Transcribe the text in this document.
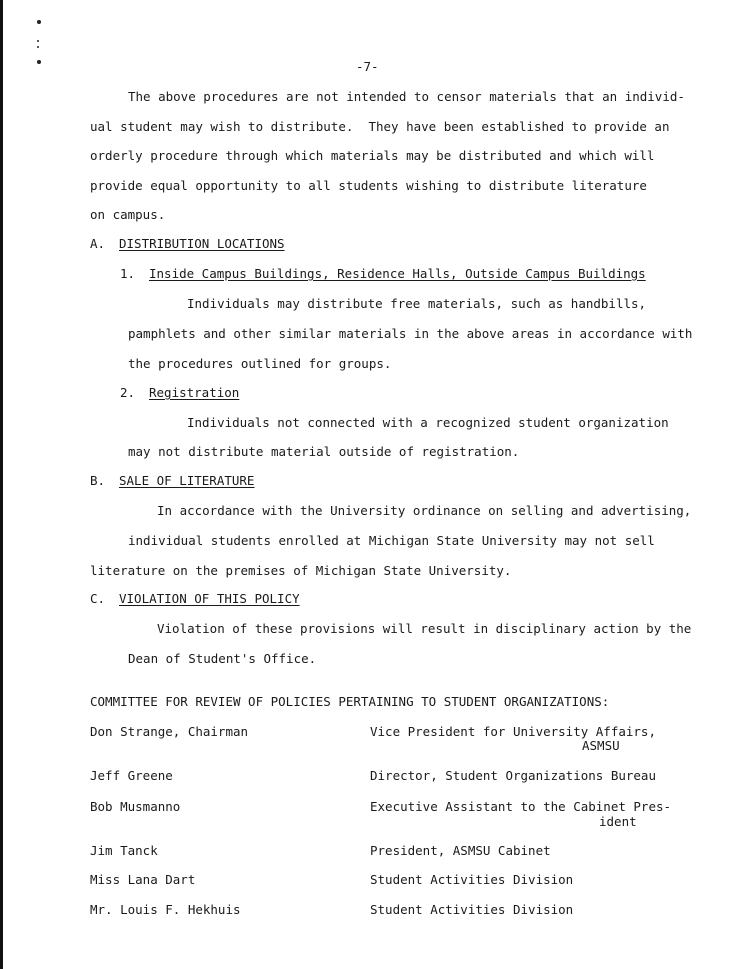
-7-
The above procedures are not intended to censor materials that an individ-
ual student may wish to distribute.  They have been established to provide an
orderly procedure through which materials may be distributed and which will
provide equal opportunity to all students wishing to distribute literature
on campus.
A. DISTRIBUTION LOCATIONS
1. Inside Campus Buildings, Residence Halls, Outside Campus Buildings
Individuals may distribute free materials, such as handbills,
pamphlets and other similar materials in the above areas in accordance with
the procedures outlined for groups.
2. Registration
Individuals not connected with a recognized student organization
may not distribute material outside of registration.
B. SALE OF LITERATURE
In accordance with the University ordinance on selling and advertising,
individual students enrolled at Michigan State University may not sell
literature on the premises of Michigan State University.
C. VIOLATION OF THIS POLICY
Violation of these provisions will result in disciplinary action by the
Dean of Student's Office.
COMMITTEE FOR REVIEW OF POLICIES PERTAINING TO STUDENT ORGANIZATIONS:
Don Strange, Chairman	Vice President for University Affairs,
ASMSU
Jeff Greene	Director, Student Organizations Bureau
Bob Musmanno	Executive Assistant to the Cabinet Pres-
ident
Jim Tanck	President, ASMSU Cabinet
Miss Lana Dart	Student Activities Division
Mr. Louis F. Hekhuis	Student Activities Division
